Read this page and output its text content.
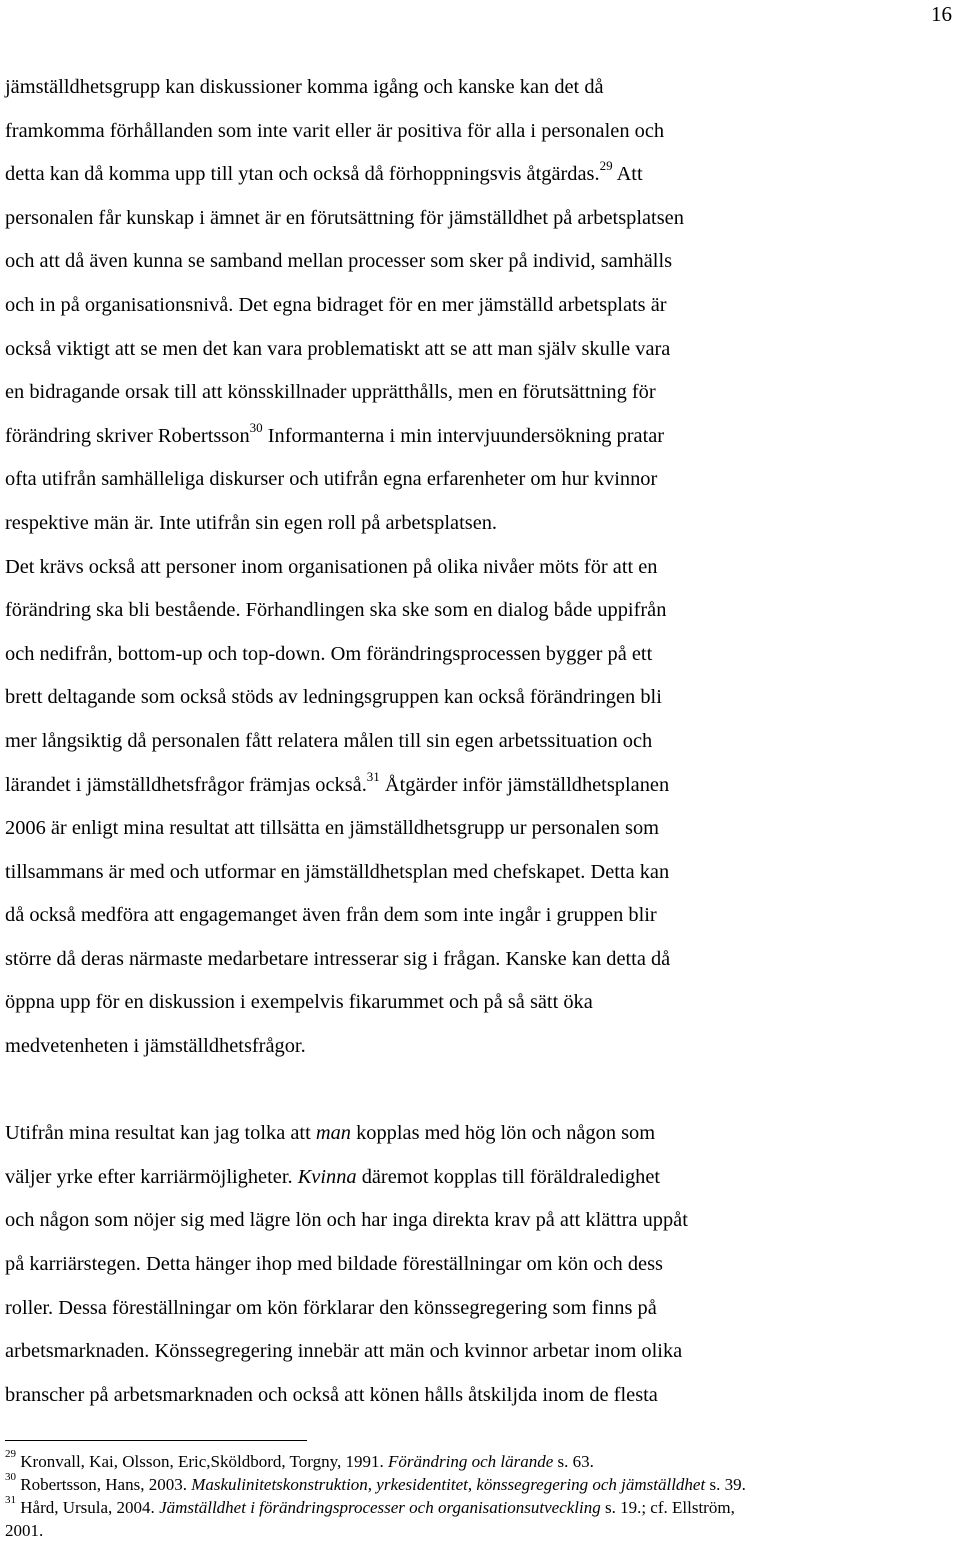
16

jämställdhetsgrupp kan diskussioner komma igång och kanske kan det då

framkomma förhållanden som inte varit eller är positiva för alla i personalen och

detta kan då komma upp till ytan och också då förhoppningsvis åtgärdas.$^{29}$ Att

personalen får kunskap i ämnet är en förutsättning för jämställdhet på arbetsplatsen

och att då även kunna se samband mellan processer som sker på individ, samhälls

och in på organisationsnivå. Det egna bidraget för en mer jämställd arbetsplats är

också viktigt att se men det kan vara problematiskt att se att man själv skulle vara

en bidragande orsak till att könsskillnader upprätthålls, men en förutsättning för

förändring skriver Robertsson$^{30}$ Informanterna i min intervjuundersökning pratar

ofta utifrån samhälleliga diskurser och utifrån egna erfarenheter om hur kvinnor

respektive män är. Inte utifrån sin egen roll på arbetsplatsen.

Det krävs också att personer inom organisationen på olika nivåer möts för att en

förändring ska bli bestående. Förhandlingen ska ske som en dialog både uppifrån

och nedifrån, bottom-up och top-down. Om förändringsprocessen bygger på ett

brett deltagande som också stöds av ledningsgruppen kan också förändringen bli

mer långsiktig då personalen fått relatera målen till sin egen arbetssituation och

lärandet i jämställdhetsfrågor främjas också.$^{31}$ Åtgärder inför jämställdhetsplanen

2006 är enligt mina resultat att tillsätta en jämställdhetsgrupp ur personalen som

tillsammans är med och utformar en jämställdhetsplan med chefskapet. Detta kan

då också medföra att engagemanget även från dem som inte ingår i gruppen blir

större då deras närmaste medarbetare intresserar sig i frågan. Kanske kan detta då

öppna upp för en diskussion i exempelvis fikarummet och på så sätt öka

medvetenheten i jämställdhetsfrågor.

Utifrån mina resultat kan jag tolka att man kopplas med hög lön och någon som

väljer yrke efter karriärmöjligheter. Kvinna däremot kopplas till föräldraledighet

och någon som nöjer sig med lägre lön och har inga direkta krav på att klättra uppåt

på karriärstegen. Detta hänger ihop med bildade föreställningar om kön och dess

roller. Dessa föreställningar om kön förklarar den könssegregering som finns på

arbetsmarknaden. Könssegregering innebär att män och kvinnor arbetar inom olika

branscher på arbetsmarknaden och också att könen hålls åtskiljda inom de flesta

$^{29}$ Kronvall, Kai, Olsson, Eric,Sköldbord, Torgny, 1991. Förändring och lärande s. 63.

$^{30}$ Robertsson, Hans, 2003. Maskulinitetskonstruktion, yrkesidentitet, könssegregering och jämställdhet s. 39.

$^{31}$ Hård, Ursula, 2004. Jämställdhet i förändringsprocesser och organisationsutveckling s. 19.; cf. Ellström,

2001.
